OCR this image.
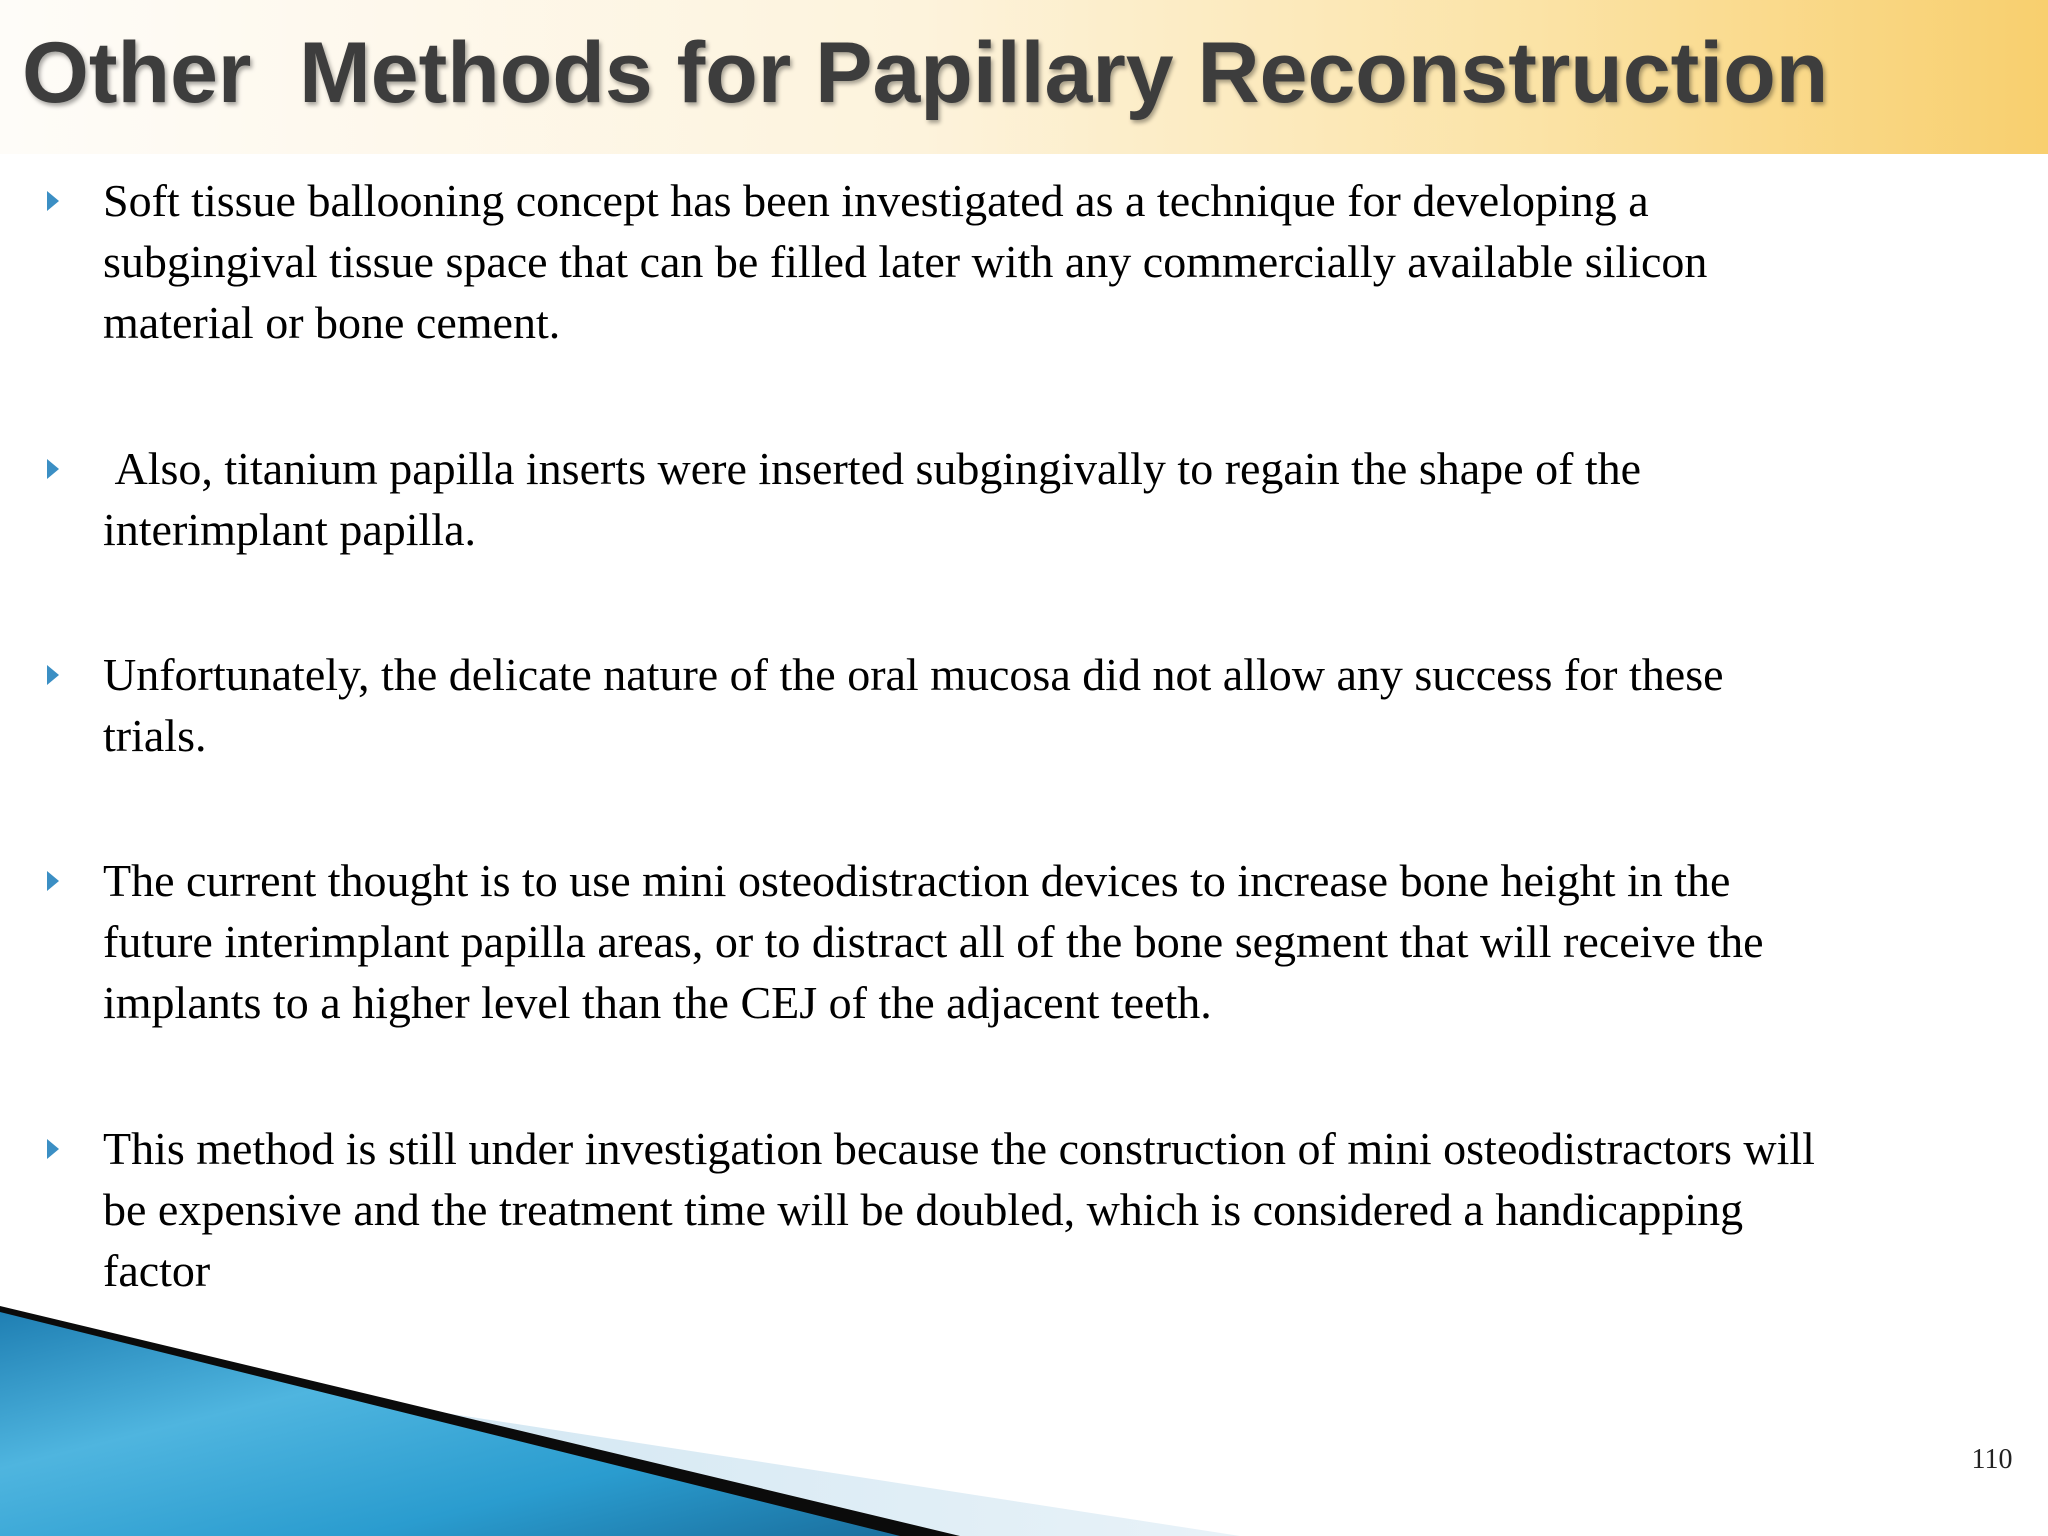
Other  Methods for Papillary Reconstruction
Soft tissue ballooning concept has been investigated as a technique for developing a
subgingival tissue space that can be filled later with any commercially available silicon
material or bone cement.
Also, titanium papilla inserts were inserted subgingivally to regain the shape of the
interimplant papilla.
Unfortunately, the delicate nature of the oral mucosa did not allow any success for these
trials.
The current thought is to use mini osteodistraction devices to increase bone height in the
future interimplant papilla areas, or to distract all of the bone segment that will receive the
implants to a higher level than the CEJ of the adjacent teeth.
This method is still under investigation because the construction of mini osteodistractors will
be expensive and the treatment time will be doubled, which is considered a handicapping
factor
110
